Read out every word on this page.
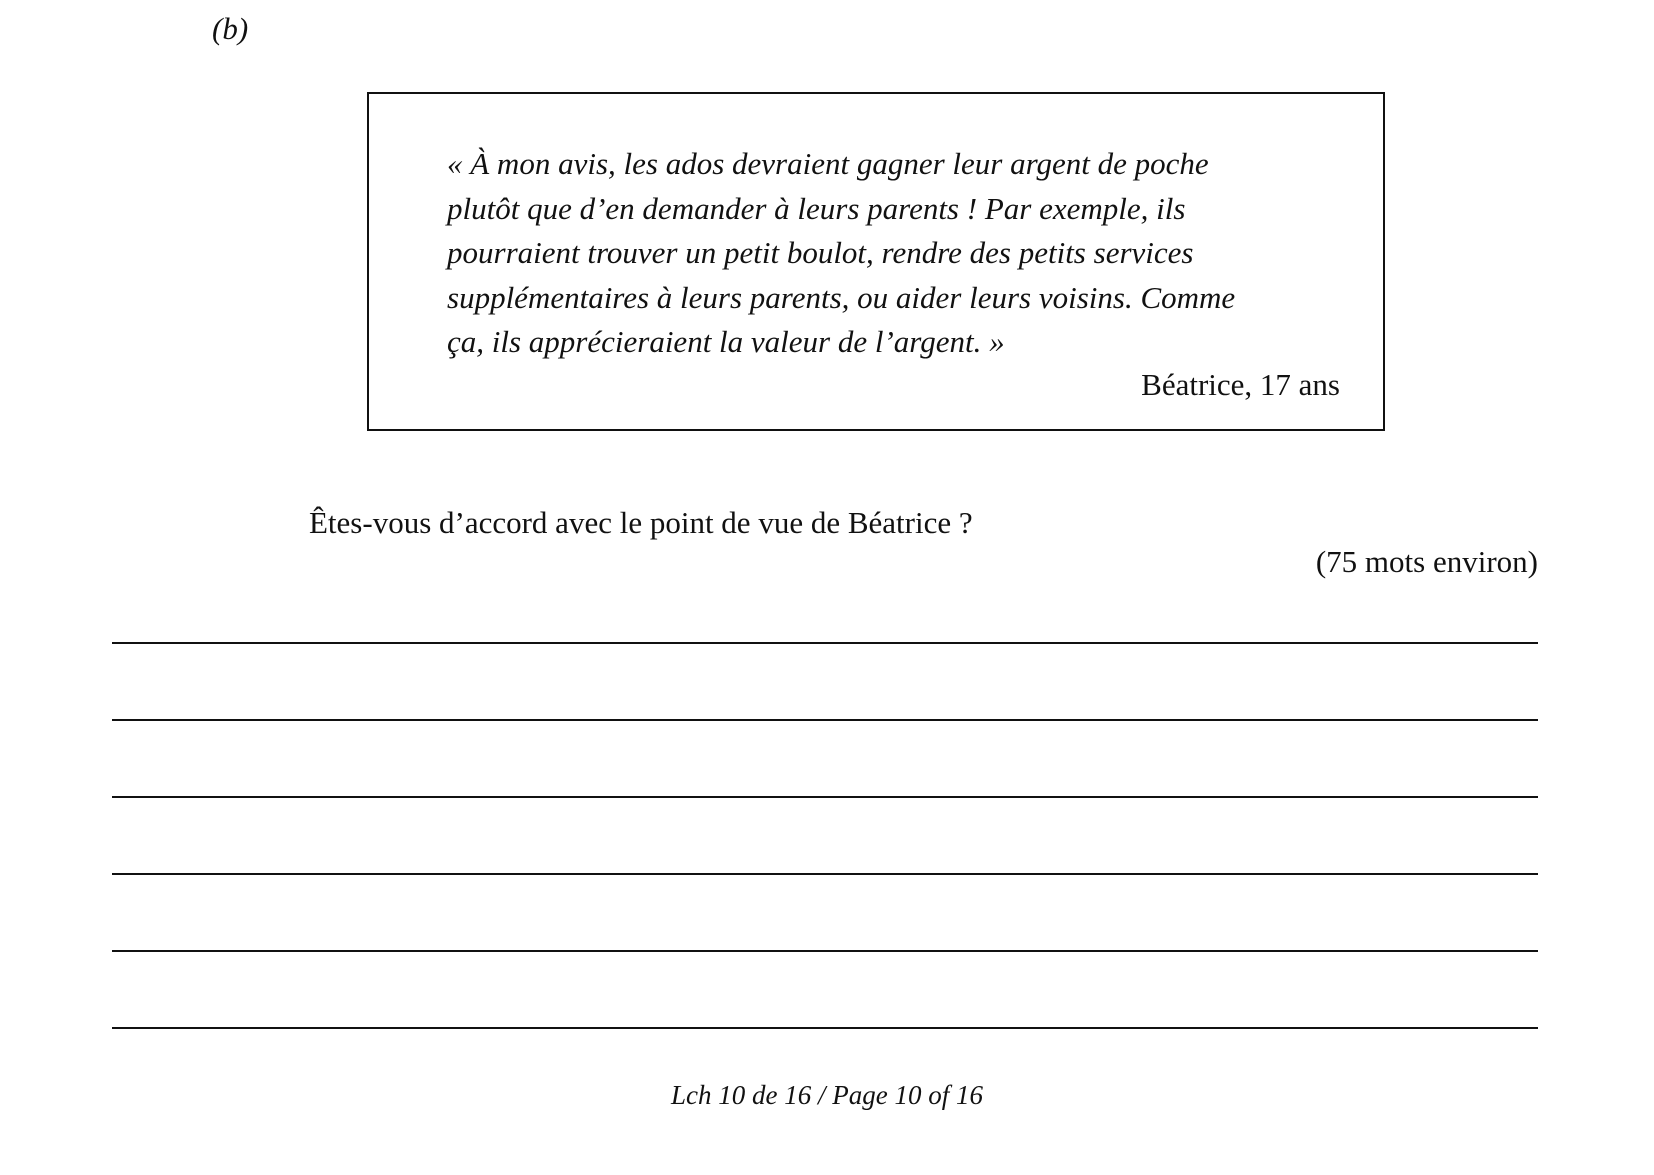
(b)

« À mon avis, les ados devraient gagner leur argent de poche
plutôt que d’en demander à leurs parents ! Par exemple, ils
pourraient trouver un petit boulot, rendre des petits services
supplémentaires à leurs parents, ou aider leurs voisins. Comme
ça, ils apprécieraient la valeur de l’argent. »

Béatrice, 17 ans
Êtes-vous d’accord avec le point de vue de Béatrice ?
(75 mots environ)
Lch 10 de 16 / Page 10 of 16
